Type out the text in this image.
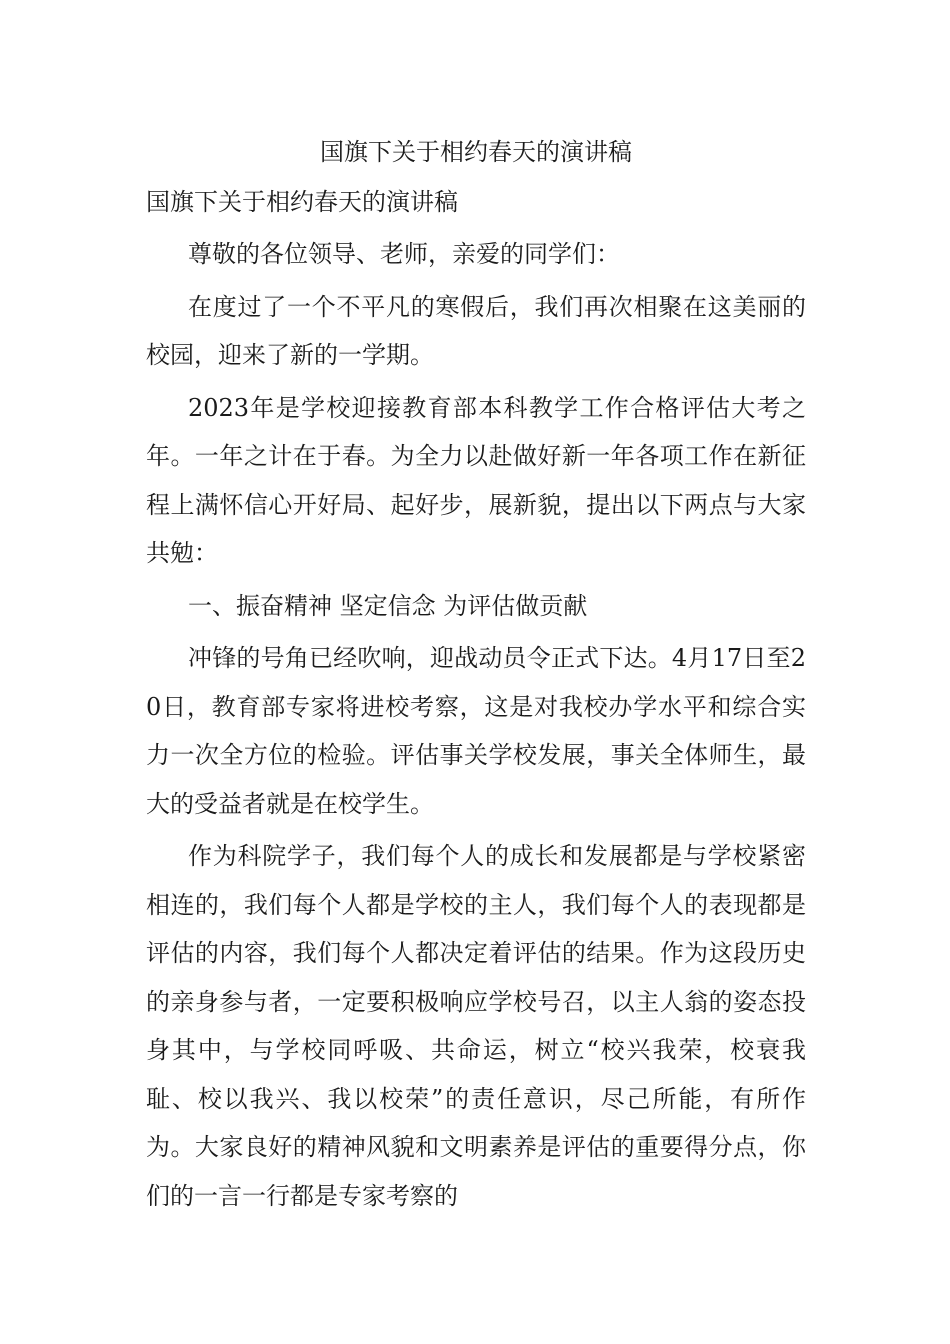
国旗下关于相约春天的演讲稿
国旗下关于相约春天的演讲稿

尊敬的各位领导、老师，亲爱的同学们：

在度过了一个不平凡的寒假后，我们再次相聚在这美丽的校园，迎来了新的一学期。

2023年是学校迎接教育部本科教学工作合格评估大考之年。一年之计在于春。为全力以赴做好新一年各项工作在新征程上满怀信心开好局、起好步，展新貌，提出以下两点与大家共勉：

一、振奋精神 坚定信念 为评估做贡献

冲锋的号角已经吹响，迎战动员令正式下达。4月17日至20日，教育部专家将进校考察，这是对我校办学水平和综合实力一次全方位的检验。评估事关学校发展，事关全体师生，最大的受益者就是在校学生。

作为科院学子，我们每个人的成长和发展都是与学校紧密相连的，我们每个人都是学校的主人，我们每个人的表现都是评估的内容，我们每个人都决定着评估的结果。作为这段历史的亲身参与者，一定要积极响应学校号召，以主人翁的姿态投身其中，与学校同呼吸、共命运，树立“校兴我荣，校衰我耻、校以我兴、我以校荣”的责任意识，尽己所能，有所作为。大家良好的精神风貌和文明素养是评估的重要得分点，你们的一言一行都是专家考察的
